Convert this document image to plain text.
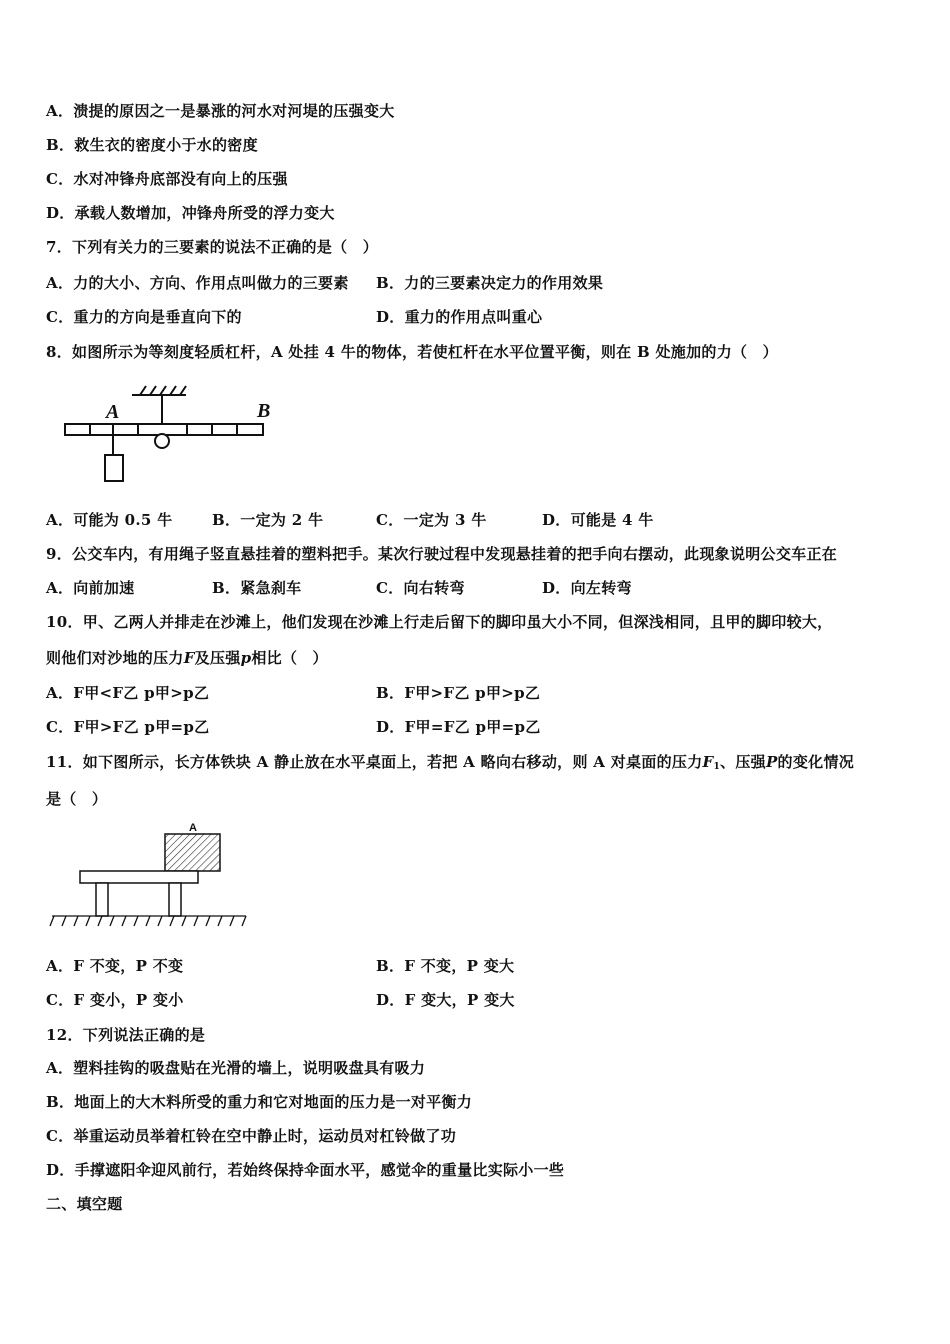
A．溃提的原因之一是暴涨的河水对河堤的压强变大
B．救生衣的密度小于水的密度
C．水对冲锋舟底部没有向上的压强
D．承载人数增加，冲锋舟所受的浮力变大
7．下列有关力的三要素的说法不正确的是（　）
A．力的大小、方向、作用点叫做力的三要素 B．力的三要素决定力的作用效果
C．重力的方向是垂直向下的	D．重力的作用点叫重心
8．如图所示为等刻度轻质杠杆，A 处挂 4 牛的物体，若使杠杆在水平位置平衡，则在 B 处施加的力（　）
A	B
A．可能为 0.5 牛	B．一定为 2 牛	C．一定为 3 牛	D．可能是 4 牛
9．公交车内，有用绳子竖直悬挂着的塑料把手。某次行驶过程中发现悬挂着的把手向右摆动，此现象说明公交车正在
A．向前加速	B．紧急刹车	C．向右转弯	D．向左转弯
10．甲、乙两人并排走在沙滩上，他们发现在沙滩上行走后留下的脚印虽大小不同，但深浅相同，且甲的脚印较大，
则他们对沙地的压力F及压强p相比（　）
A．F甲<F乙 p甲>p乙	B．F甲>F乙 p甲>p乙
C．F甲>F乙 p甲=p乙	D．F甲=F乙 p甲=p乙
11．如下图所示，长方体铁块 A 静止放在水平桌面上，若把 A 略向右移动，则 A 对桌面的压力$F_1$、压强P的变化情况
是（　）
A
A．F 不变，P 不变	B．F 不变，P 变大
C．F 变小，P 变小	D．F 变大，P 变大
12．下列说法正确的是
A．塑料挂钩的吸盘贴在光滑的墙上，说明吸盘具有吸力
B．地面上的大木料所受的重力和它对地面的压力是一对平衡力
C．举重运动员举着杠铃在空中静止时，运动员对杠铃做了功
D．手撑遮阳伞迎风前行，若始终保持伞面水平，感觉伞的重量比实际小一些
二、填空题
